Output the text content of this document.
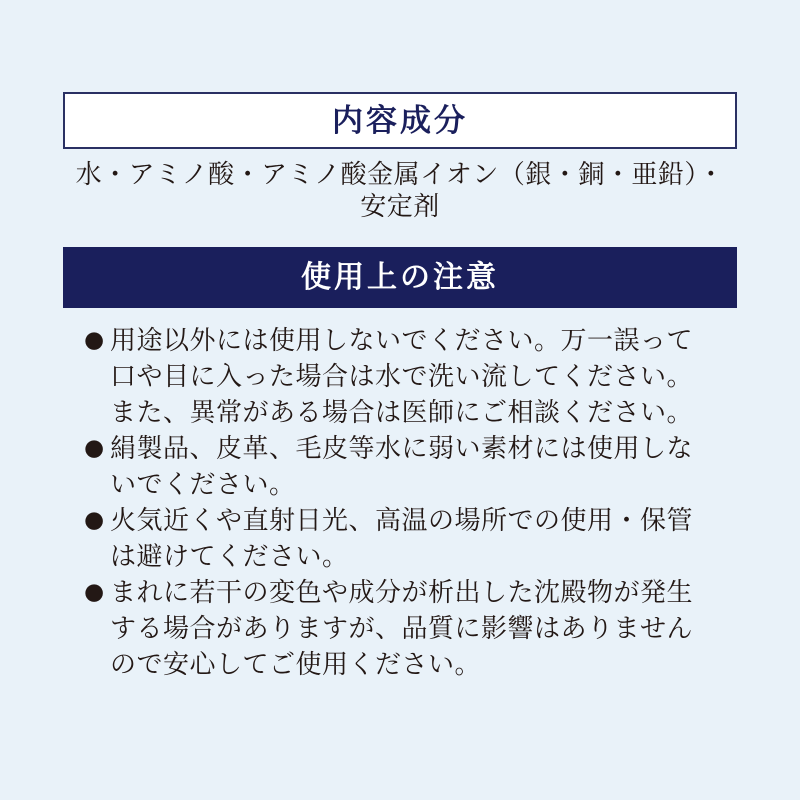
内容成分
水・アミノ酸・アミノ酸金属イオン（銀・銅・亜鉛）・安定剤
使用上の注意
● 用途以外には使用しないでください。万一誤って口や目に入った場合は水で洗い流してください。また、異常がある場合は医師にご相談ください。
● 絹製品、皮革、毛皮等水に弱い素材には使用しないでください。
● 火気近くや直射日光、高温の場所での使用・保管は避けてください。
● まれに若干の変色や成分が析出した沈殿物が発生する場合がありますが、品質に影響はありませんので安心してご使用ください。
